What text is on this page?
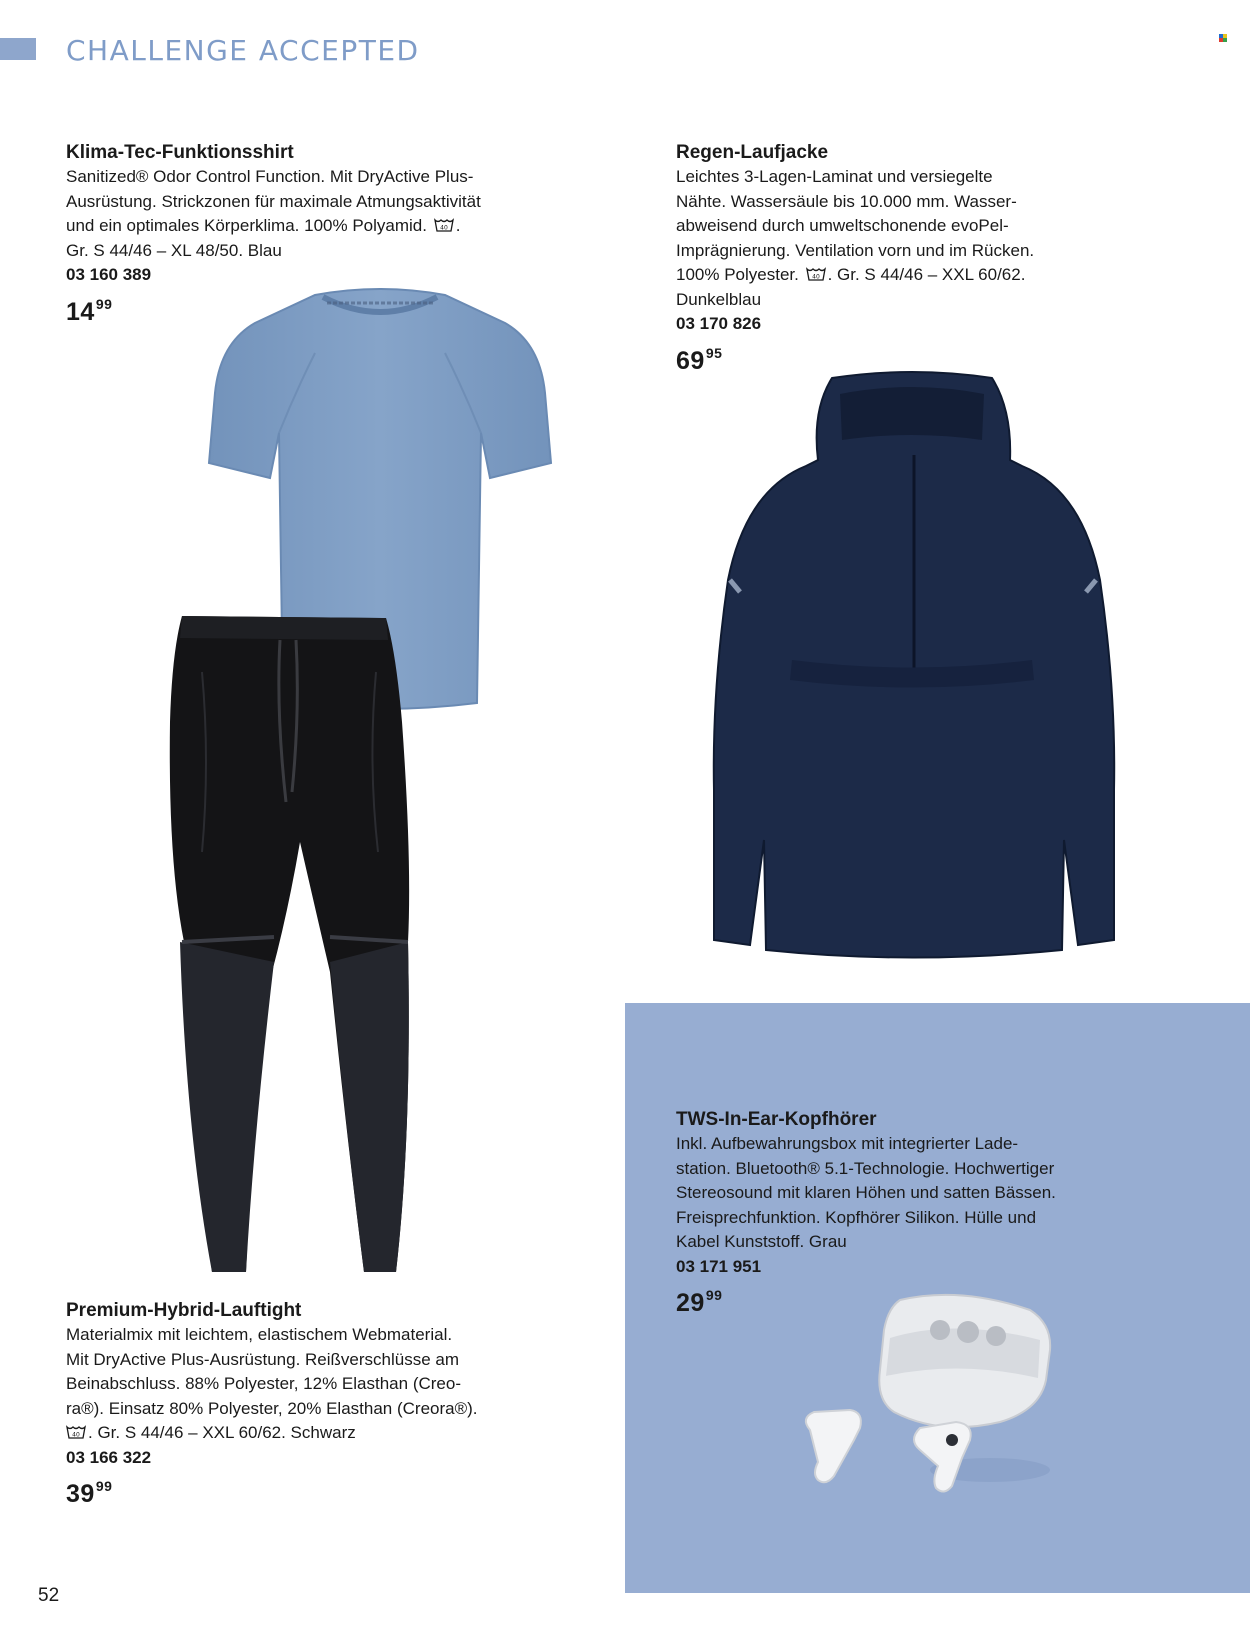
CHALLENGE ACCEPTED

Klima-Tec-Funktionsshirt

Sanitized® Odor Control Function. Mit DryActive Plus-

Ausrüstung. Strickzonen für maximale Atmungsaktivität

und ein optimales Körperklima. 100% Polyamid. 40 .

Gr. S 44/46 – XL 48/50. Blau

03 160 389

$14^{99}$

Regen-Laufjacke

Leichtes 3-Lagen-Laminat und versiegelte

Nähte. Wassersäule bis 10.000 mm. Wasser-

abweisend durch umweltschonende evoPel-

Imprägnierung. Ventilation vorn und im Rücken.

100% Polyester. 40 . Gr. S 44/46 – XXL 60/62.

Dunkelblau

03 170 826

$69^{95}$

Premium-Hybrid-Lauftight

Materialmix mit leichtem, elastischem Webmaterial.

Mit DryActive Plus-Ausrüstung. Reißverschlüsse am

Beinabschluss. 88% Polyester, 12% Elasthan (Creo-

ra®). Einsatz 80% Polyester, 20% Elasthan (Creora®).

40 . Gr. S 44/46 – XXL 60/62. Schwarz

03 166 322

$39^{99}$

TWS-In-Ear-Kopfhörer

Inkl. Aufbewahrungsbox mit integrierter Lade-

station. Bluetooth® 5.1-Technologie. Hochwertiger

Stereosound mit klaren Höhen und satten Bässen.

Freisprechfunktion. Kopfhörer Silikon. Hülle und

Kabel Kunststoff. Grau

03 171 951

$29^{99}$
52
